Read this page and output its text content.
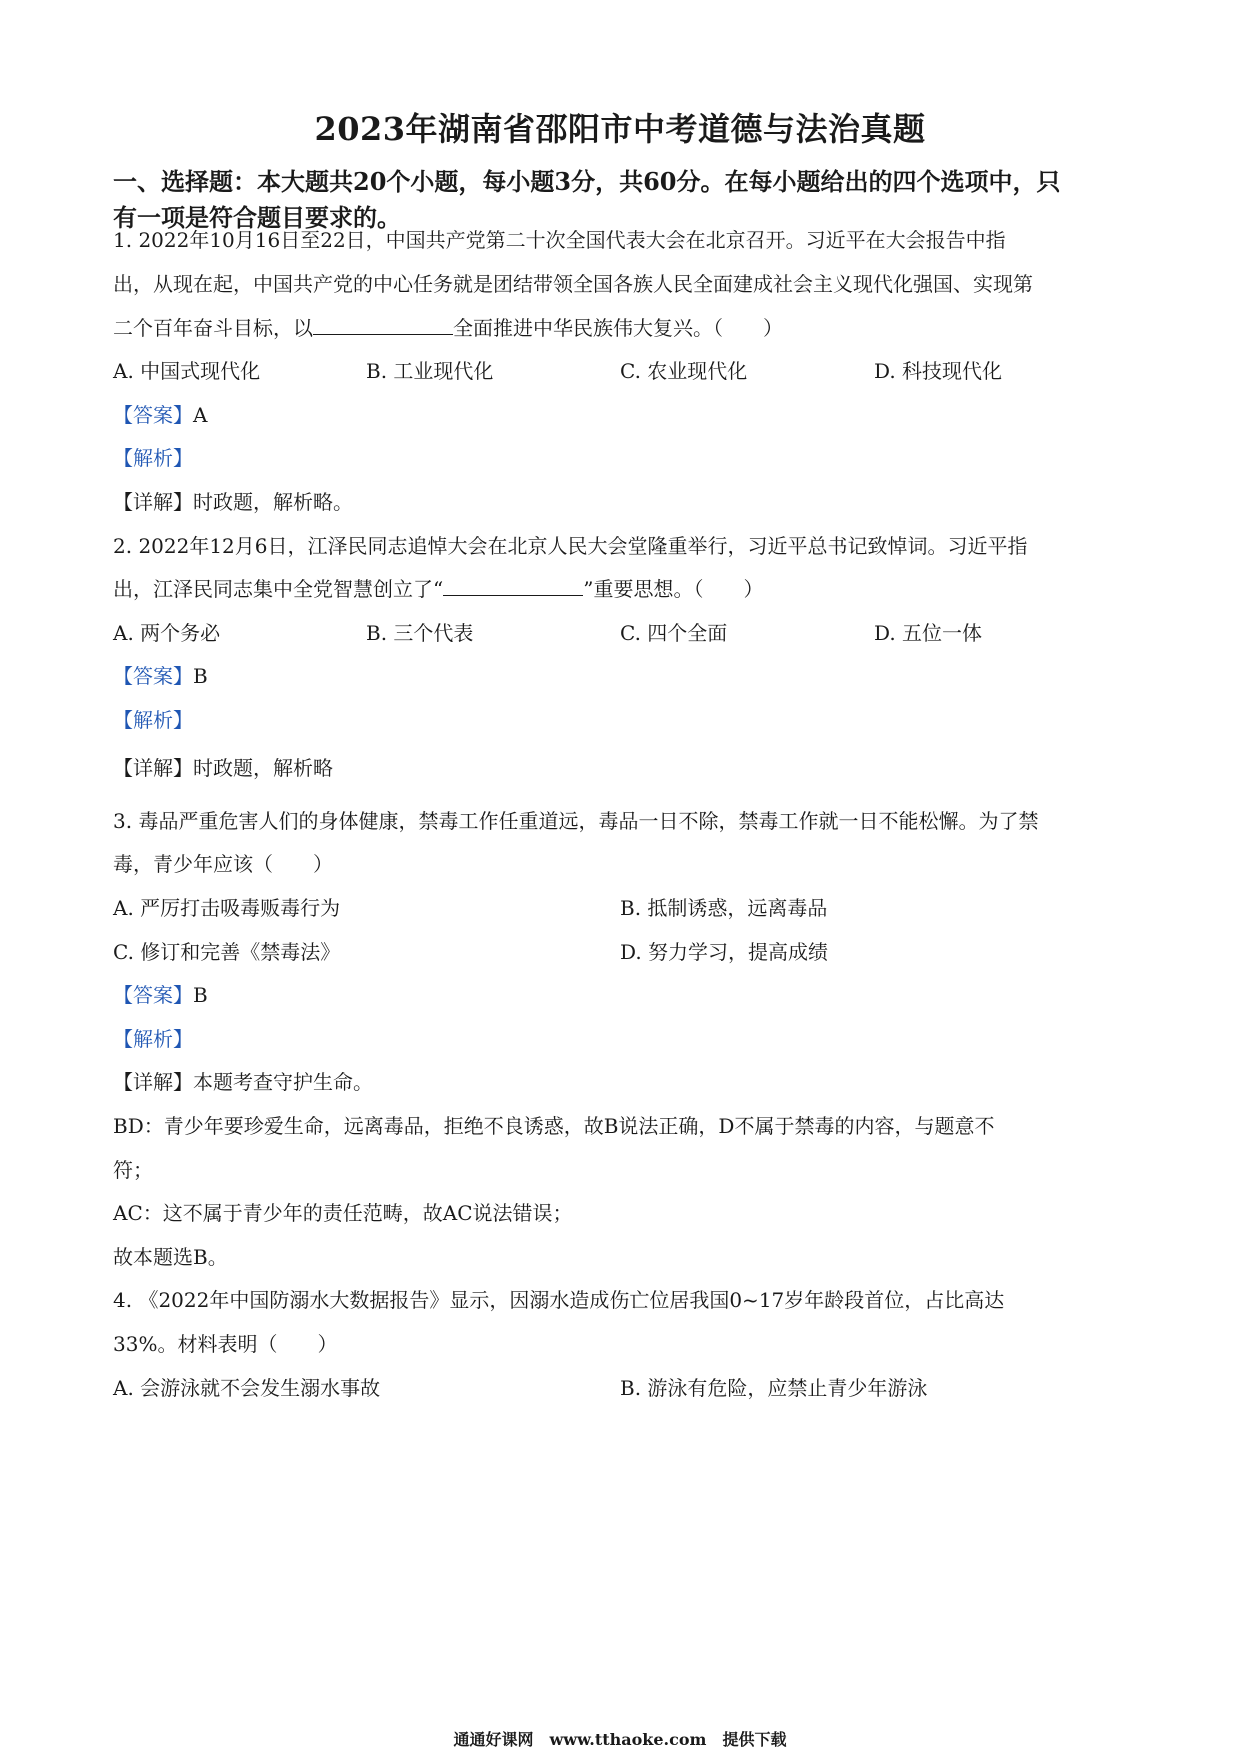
2023年湖南省邵阳市中考道德与法治真题
一、选择题：本大题共20个小题，每小题3分，共60分。在每小题给出的四个选项中，只
有一项是符合题目要求的。
1. 2022年10月16日至22日，中国共产党第二十次全国代表大会在北京召开。习近平在大会报告中指
出，从现在起，中国共产党的中心任务就是团结带领全国各族人民全面建成社会主义现代化强国、实现第
二个百年奋斗目标，以	全面推进中华民族伟大复兴。（　　）
A. 中国式现代化	B. 工业现代化	C. 农业现代化	D. 科技现代化
【答案】A
【解析】
【详解】时政题，解析略。
2. 2022年12月6日，江泽民同志追悼大会在北京人民大会堂隆重举行，习近平总书记致悼词。习近平指
出，江泽民同志集中全党智慧创立了“	”重要思想。（　　）
A. 两个务必	B. 三个代表	C. 四个全面	D. 五位一体
【答案】B
【解析】
【详解】时政题，解析略
3. 毒品严重危害人们的身体健康，禁毒工作任重道远，毒品一日不除，禁毒工作就一日不能松懈。为了禁
毒，青少年应该（　　）
A. 严厉打击吸毒贩毒行为	B. 抵制诱惑，远离毒品
C. 修订和完善《禁毒法》	D. 努力学习，提高成绩
【答案】B
【解析】
【详解】本题考查守护生命。
BD：青少年要珍爱生命，远离毒品，拒绝不良诱惑，故B说法正确，D不属于禁毒的内容，与题意不
符；
AC：这不属于青少年的责任范畴，故AC说法错误；
故本题选B。
4. 《2022年中国防溺水大数据报告》显示，因溺水造成伤亡位居我国0~17岁年龄段首位，占比高达
33%。材料表明（　　）
A. 会游泳就不会发生溺水事故	B. 游泳有危险，应禁止青少年游泳
通通好课网　www.tthaoke.com　提供下载
